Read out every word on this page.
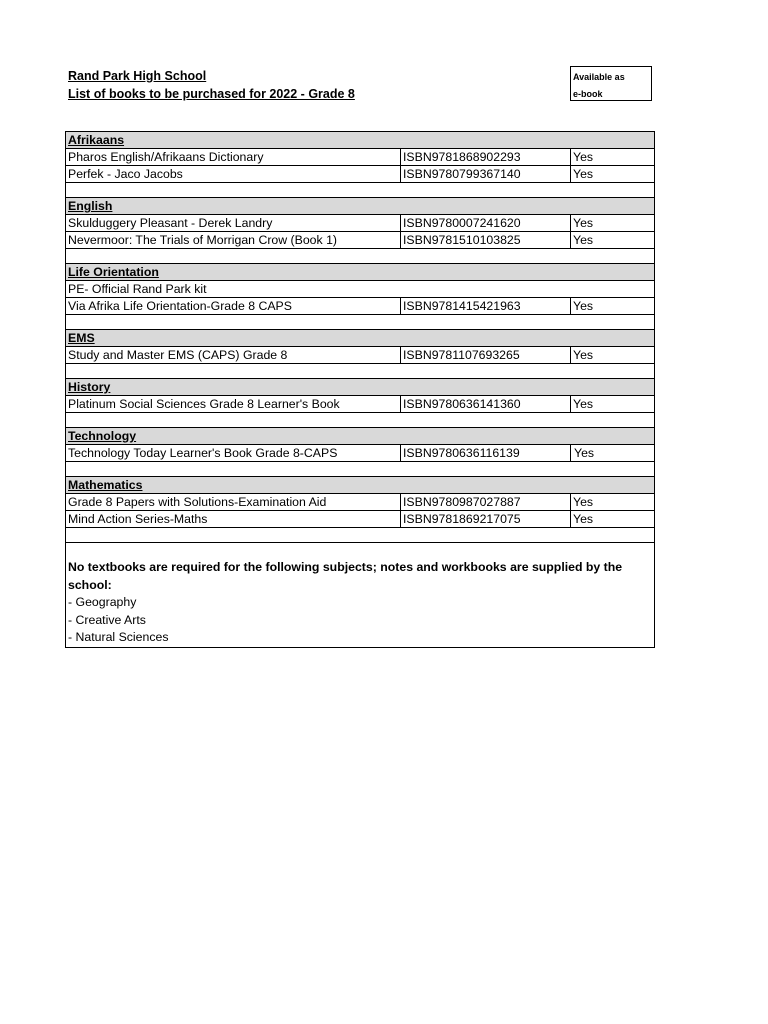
Rand Park High School
List of books to be purchased for 2022 - Grade 8
Available as
e-book
Afrikaans		
Pharos English/Afrikaans Dictionary	ISBN9781868902293	Yes
Perfek - Jaco Jacobs	ISBN9780799367140	Yes

English		
Skulduggery Pleasant - Derek Landry	ISBN9780007241620	Yes
Nevermoor: The Trials of Morrigan Crow (Book 1)	ISBN9781510103825	Yes

Life Orientation		
PE- Official Rand Park kit		
Via Afrika Life Orientation-Grade 8 CAPS	ISBN9781415421963	Yes

EMS		
Study and Master EMS (CAPS) Grade 8	ISBN9781107693265	Yes

History		
Platinum Social Sciences Grade 8 Learner's Book	ISBN9780636141360	Yes

Technology		
Technology Today Learner's Book Grade 8-CAPS	ISBN9780636116139	Yes

Mathematics		
Grade 8 Papers with Solutions-Examination Aid	ISBN9780987027887	Yes
Mind Action Series-Maths	ISBN9781869217075	Yes

No textbooks are required for the following subjects; notes and workbooks are supplied by the school:
- Geography
- Creative Arts
- Natural Sciences		
